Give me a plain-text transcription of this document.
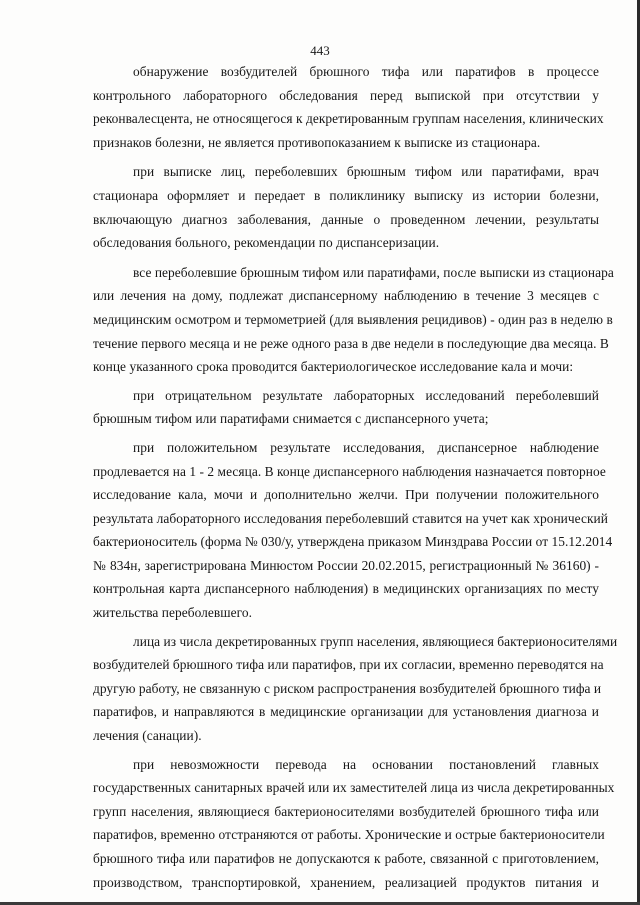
443

обнаружение возбудителей брюшного тифа или паратифов в процессе
контрольного лабораторного обследования перед выпиской при отсутствии у
реконвалесцента, не относящегося к декретированным группам населения, клинических
признаков болезни, не является противопоказанием к выписке из стационара.

при выписке лиц, переболевших брюшным тифом или паратифами, врач
стационара оформляет и передает в поликлинику выписку из истории болезни,
включающую диагноз заболевания, данные о проведенном лечении, результаты
обследования больного, рекомендации по диспансеризации.

все переболевшие брюшным тифом или паратифами, после выписки из стационара
или лечения на дому, подлежат диспансерному наблюдению в течение 3 месяцев с
медицинским осмотром и термометрией (для выявления рецидивов) - один раз в неделю в
течение первого месяца и не реже одного раза в две недели в последующие два месяца. В
конце указанного срока проводится бактериологическое исследование кала и мочи:

при отрицательном результате лабораторных исследований переболевший
брюшным тифом или паратифами снимается с диспансерного учета;

при положительном результате исследования, диспансерное наблюдение
продлевается на 1 - 2 месяца. В конце диспансерного наблюдения назначается повторное
исследование кала, мочи и дополнительно желчи. При получении положительного
результата лабораторного исследования переболевший ставится на учет как хронический
бактерионоситель (форма № 030/у, утверждена приказом Минздрава России от 15.12.2014
№ 834н, зарегистрирована Минюстом России 20.02.2015, регистрационный № 36160) -
контрольная карта диспансерного наблюдения) в медицинских организациях по месту
жительства переболевшего.

лица из числа декретированных групп населения, являющиеся бактерионосителями
возбудителей брюшного тифа или паратифов, при их согласии, временно переводятся на
другую работу, не связанную с риском распространения возбудителей брюшного тифа и
паратифов, и направляются в медицинские организации для установления диагноза и
лечения (санации).

при невозможности перевода на основании постановлений главных
государственных санитарных врачей или их заместителей лица из числа декретированных
групп населения, являющиеся бактерионосителями возбудителей брюшного тифа или
паратифов, временно отстраняются от работы. Хронические и острые бактерионосители
брюшного тифа или паратифов не допускаются к работе, связанной с приготовлением,
производством, транспортировкой, хранением, реализацией продуктов питания и
